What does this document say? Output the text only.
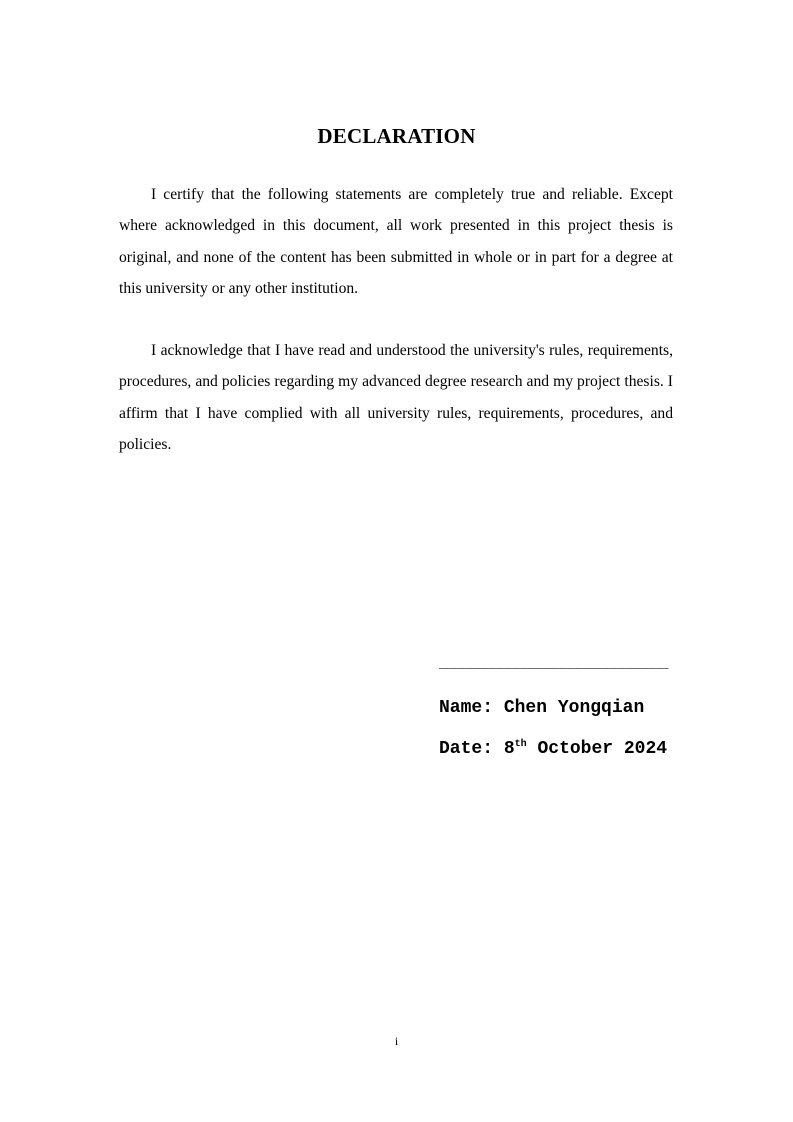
DECLARATION

I certify that the following statements are completely true and reliable. Except where acknowledged in this document, all work presented in this project thesis is original, and none of the content has been submitted in whole or in part for a degree at this university or any other institution.

I acknowledge that I have read and understood the university's rules, requirements, procedures, and policies regarding my advanced degree research and my project thesis. I affirm that I have complied with all university rules, requirements, procedures, and policies.

______________________________
Name: Chen Yongqian
Date: 8th October 2024
i
